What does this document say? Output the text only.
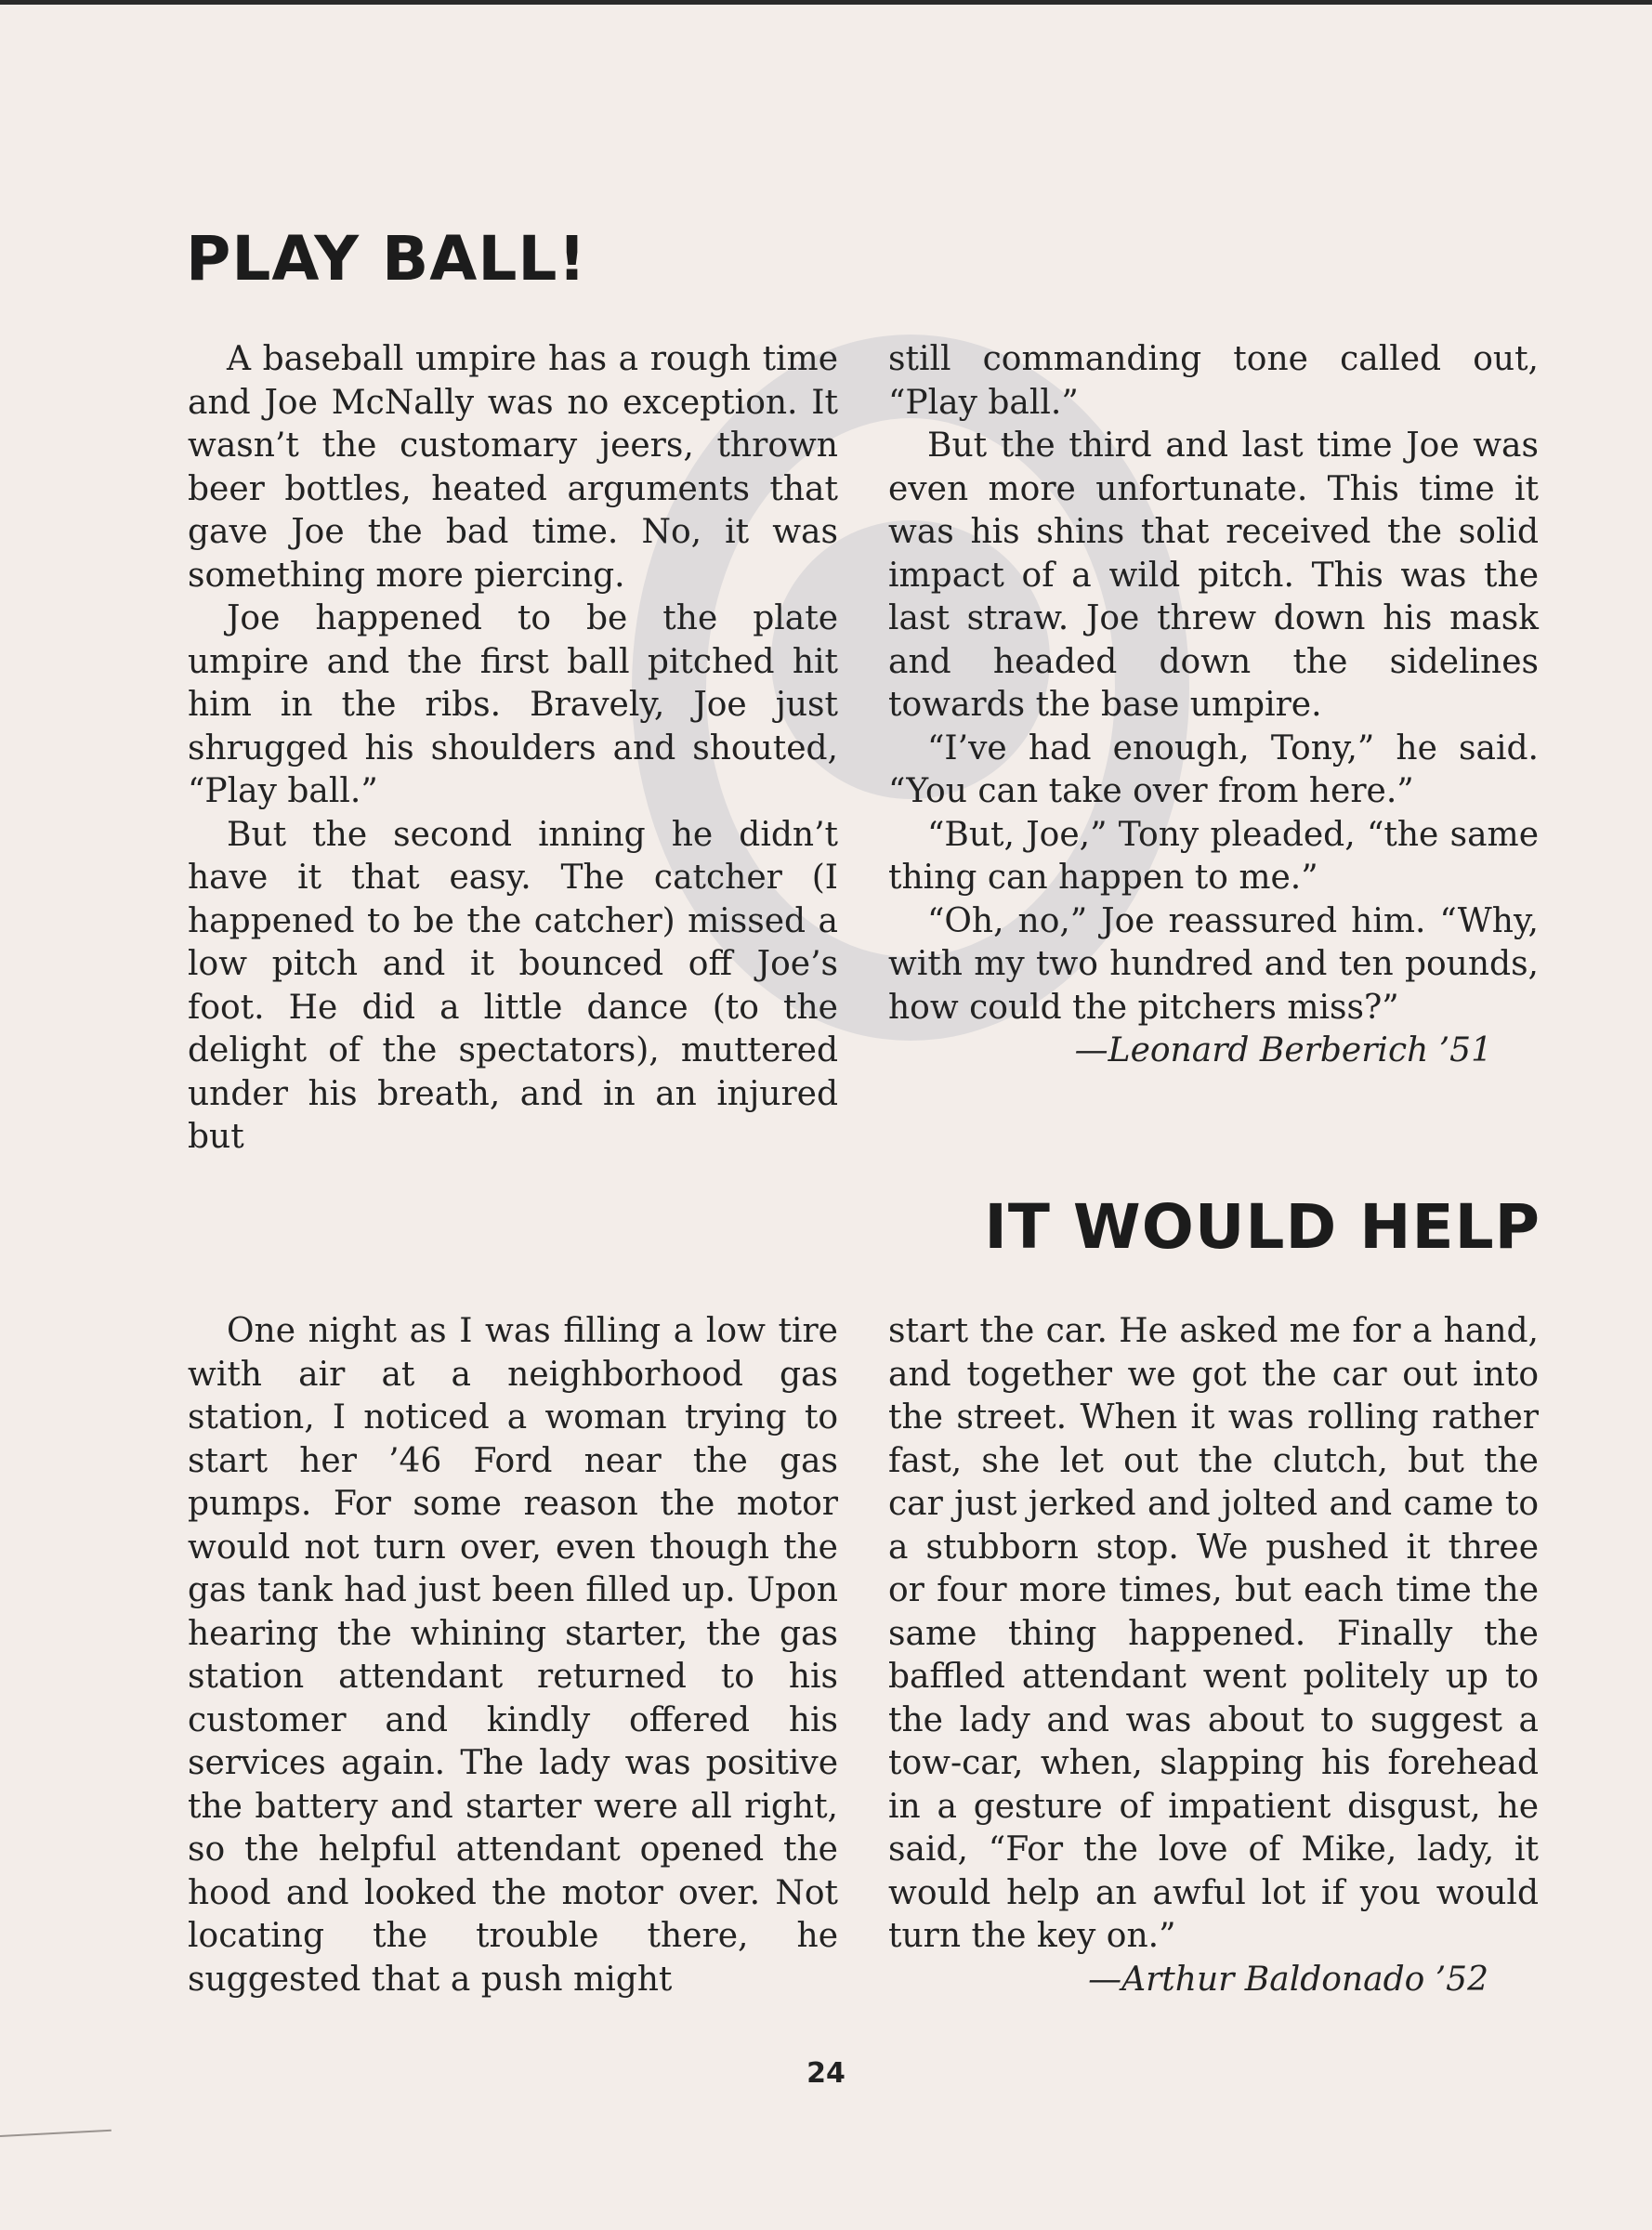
PLAY BALL!

A baseball umpire has a rough time and Joe McNally was no exception. It wasn’t the customary jeers, thrown beer bottles, heated arguments that gave Joe the bad time. No, it was something more piercing.

Joe happened to be the plate umpire and the first ball pitched hit him in the ribs. Bravely, Joe just shrugged his shoulders and shouted, “Play ball.”

But the second inning he didn’t have it that easy. The catcher (I happened to be the catcher) missed a low pitch and it bounced off Joe’s foot. He did a little dance (to the delight of the spectators), muttered under his breath, and in an injured but

still commanding tone called out, “Play ball.”

But the third and last time Joe was even more unfortunate. This time it was his shins that received the solid impact of a wild pitch. This was the last straw. Joe threw down his mask and headed down the sidelines towards the base umpire.

“I’ve had enough, Tony,” he said. “You can take over from here.”

“But, Joe,” Tony pleaded, “the same thing can happen to me.”

“Oh, no,” Joe reassured him. “Why, with my two hundred and ten pounds, how could the pitchers miss?”

—Leonard Berberich ’51

IT WOULD HELP

One night as I was filling a low tire with air at a neighborhood gas station, I noticed a woman trying to start her ’46 Ford near the gas pumps. For some reason the motor would not turn over, even though the gas tank had just been filled up. Upon hearing the whining starter, the gas station attendant returned to his customer and kindly offered his services again. The lady was positive the battery and starter were all right, so the helpful attendant opened the hood and looked the motor over. Not locating the trouble there, he suggested that a push might

start the car. He asked me for a hand, and together we got the car out into the street. When it was rolling rather fast, she let out the clutch, but the car just jerked and jolted and came to a stubborn stop. We pushed it three or four more times, but each time the same thing happened. Finally the baffled attendant went politely up to the lady and was about to suggest a tow-car, when, slapping his forehead in a gesture of impatient disgust, he said, “For the love of Mike, lady, it would help an awful lot if you would turn the key on.”

—Arthur Baldonado ’52

24
